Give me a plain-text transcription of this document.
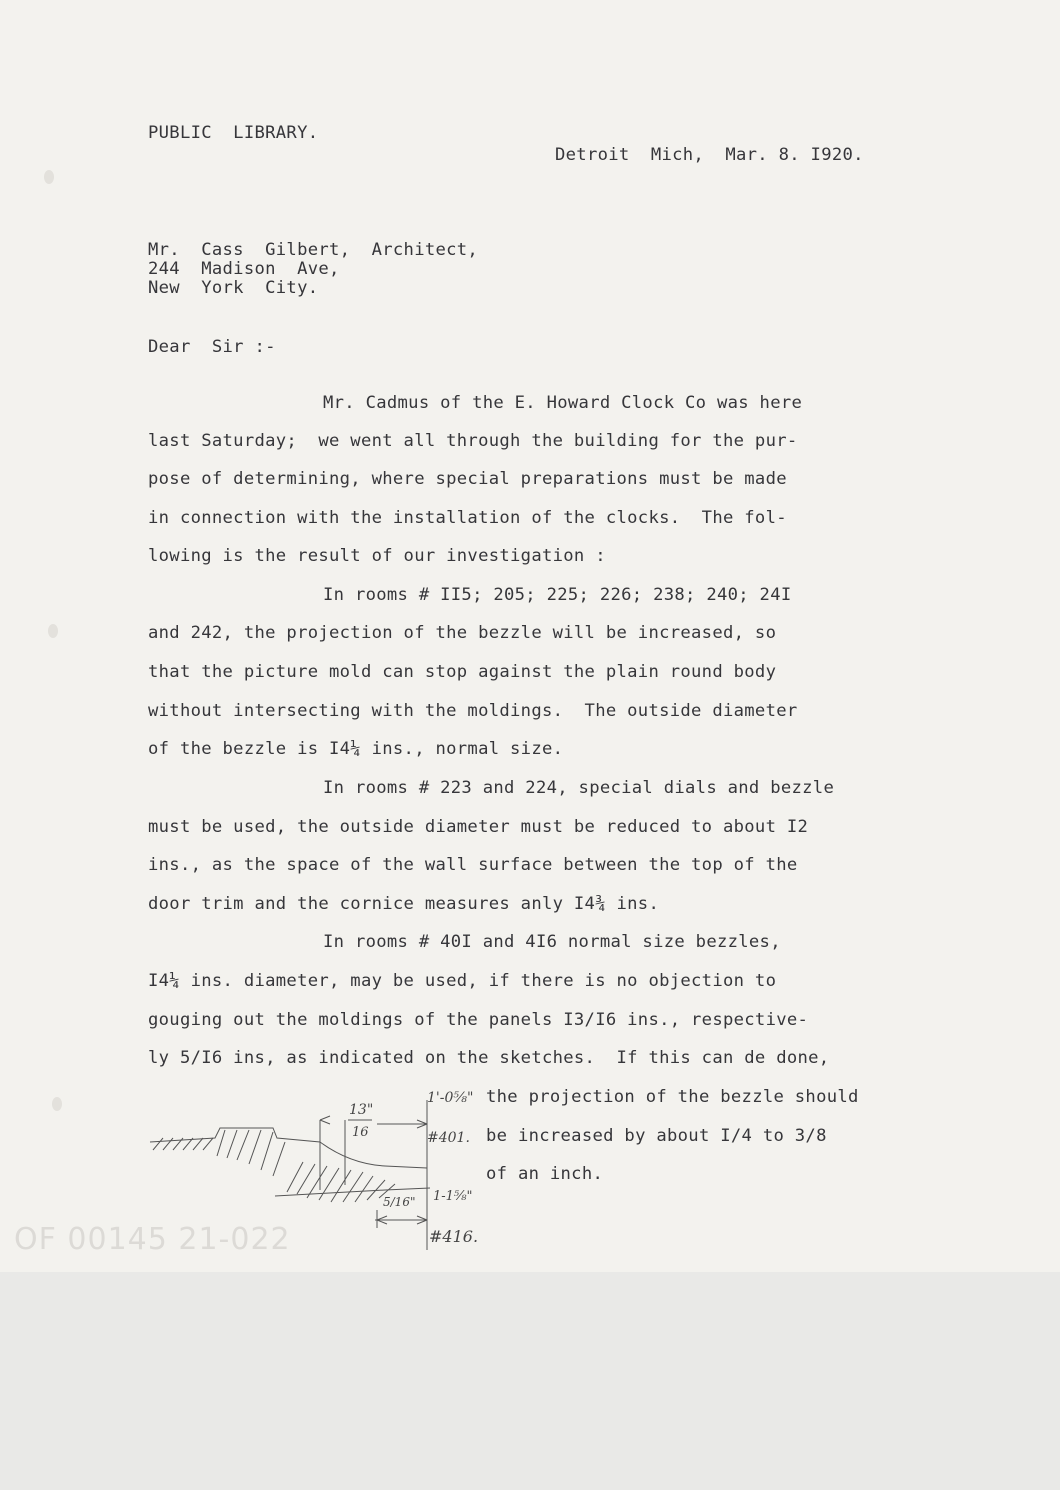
PUBLIC  LIBRARY.
Detroit  Mich,  Mar. 8. I920.
Mr.  Cass  Gilbert,  Architect,
244  Madison  Ave,
New  York  City.
Dear  Sir :-
Mr. Cadmus of the E. Howard Clock Co was here
last Saturday;  we went all through the building for the pur-
pose of determining, where special preparations must be made
in connection with the installation of the clocks.  The fol-
lowing is the result of our investigation :
In rooms # II5; 205; 225; 226; 238; 240; 24I
and 242, the projection of the bezzle will be increased, so
that the picture mold can stop against the plain round body
without intersecting with the moldings.  The outside diameter
of the bezzle is I4¼ ins., normal size.
In rooms # 223 and 224, special dials and bezzle
must be used, the outside diameter must be reduced to about I2
ins., as the space of the wall surface between the top of the
door trim and the cornice measures anly I4¾ ins.
In rooms # 40I and 4I6 normal size bezzles,
I4¼ ins. diameter, may be used, if there is no objection to
gouging out the moldings of the panels I3/I6 ins., respective-
ly 5/I6 ins, as indicated on the sketches.  If this can de done,
the projection of the bezzle should
be increased by about I/4 to 3/8
of an inch.
13"
16
1'-0⅝"
#401.
5/16" 1-1⅝"
#416.
OF 00145 21-022
